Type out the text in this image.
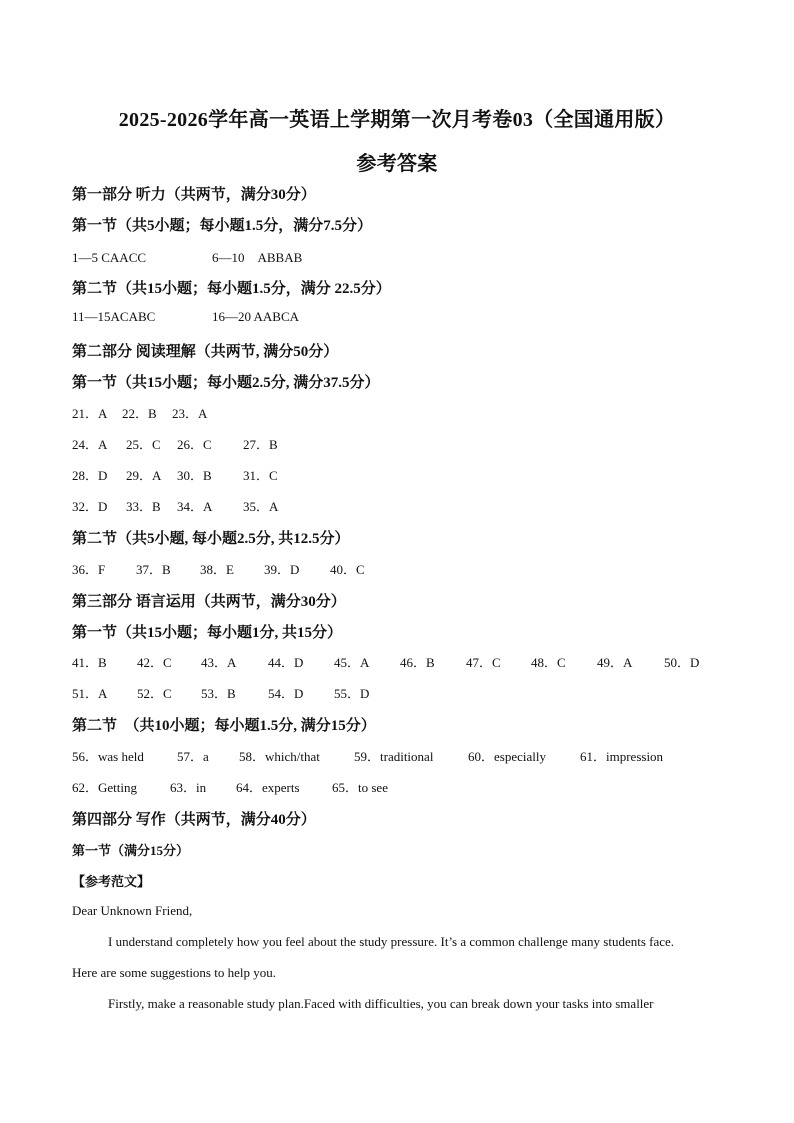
2025-2026学年高一英语上学期第一次月考卷03（全国通用版）
参考答案
第一部分 听力（共两节，满分30分）
第一节（共5小题；每小题1.5分，满分7.5分）
1—5 CAACC	6—10　ABBAB
第二节（共15小题；每小题1.5分，满分 22.5分）
11—15ACABC	16—20 AABCA
第二部分 阅读理解（共两节, 满分50分）
第一节（共15小题；每小题2.5分, 满分37.5分）
21．A 22．B 23．A
24．A 25．C 26．C 27．B
28．D 29．A 30．B 31．C
32．D 33．B 34．A 35．A
第二节（共5小题, 每小题2.5分, 共12.5分）
36．F 37．B 38．E 39．D 40．C
第三部分 语言运用（共两节，满分30分）
第一节（共15小题；每小题1分, 共15分）
41．B 42．C 43．A 44．D 45．A 46．B 47．C 48．C 49．A 50．D
51．A 52．C 53．B 54．D 55．D
第二节　（共10小题；每小题1.5分, 满分15分）
56．was held	57．a 58．which/that	59．traditional	60．especially	61．impression
62．Getting	63．in 64．experts 65．to see
第四部分 写作（共两节，满分40分）
第一节（满分15分）
【参考范文】
Dear Unknown Friend,
I understand completely how you feel about the study pressure. It’s a common challenge many students face.
Here are some suggestions to help you.
Firstly, make a reasonable study plan.Faced with difficulties, you can break down your tasks into smaller
